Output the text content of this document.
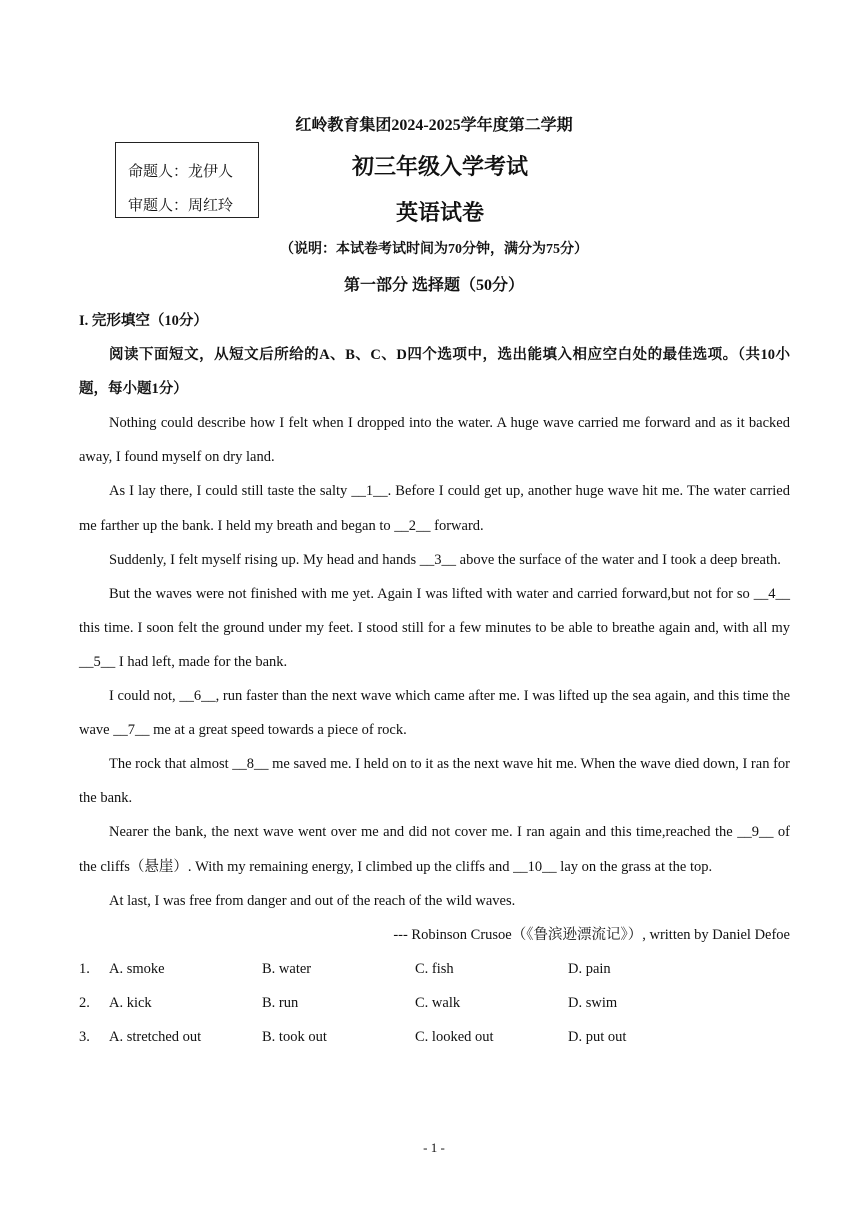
红岭教育集团2024-2025学年度第二学期
命题人：龙伊人
审题人：周红玲
初三年级入学考试
英语试卷
（说明：本试卷考试时间为70分钟，满分为75分）
第一部分 选择题（50分）

I. 完形填空（10分）

阅读下面短文，从短文后所给的A、B、C、D四个选项中，选出能填入相应空白处的最佳选项。（共10小题，每小题1分）

Nothing could describe how I felt when I dropped into the water. A huge wave carried me forward and as it backed away, I found myself on dry land.

As I lay there, I could still taste the salty __1__. Before I could get up, another huge wave hit me. The water carried me farther up the bank. I held my breath and began to __2__ forward.

Suddenly, I felt myself rising up. My head and hands __3__ above the surface of the water and I took a deep breath.

But the waves were not finished with me yet. Again I was lifted with water and carried forward,but not for so __4__ this time. I soon felt the ground under my feet. I stood still for a few minutes to be able to breathe again and, with all my __5__ I had left, made for the bank.

I could not, __6__, run faster than the next wave which came after me. I was lifted up the sea again, and this time the wave __7__ me at a great speed towards a piece of rock.

The rock that almost __8__ me saved me. I held on to it as the next wave hit me. When the wave died down, I ran for the bank.

Nearer the bank, the next wave went over me and did not cover me. I ran again and this time,reached the __9__ of the cliffs（悬崖）. With my remaining energy, I climbed up the cliffs and __10__ lay on the grass at the top.

At last, I was free from danger and out of the reach of the wild waves.

--- Robinson Crusoe（《鲁滨逊漂流记》）, written by Daniel Defoe

1.	A. smoke	B. water	C. fish	D. pain
2.	A. kick	B. run	C. walk	D. swim
3.	A. stretched out	B. took out	C. looked out	D. put out
- 1 -
